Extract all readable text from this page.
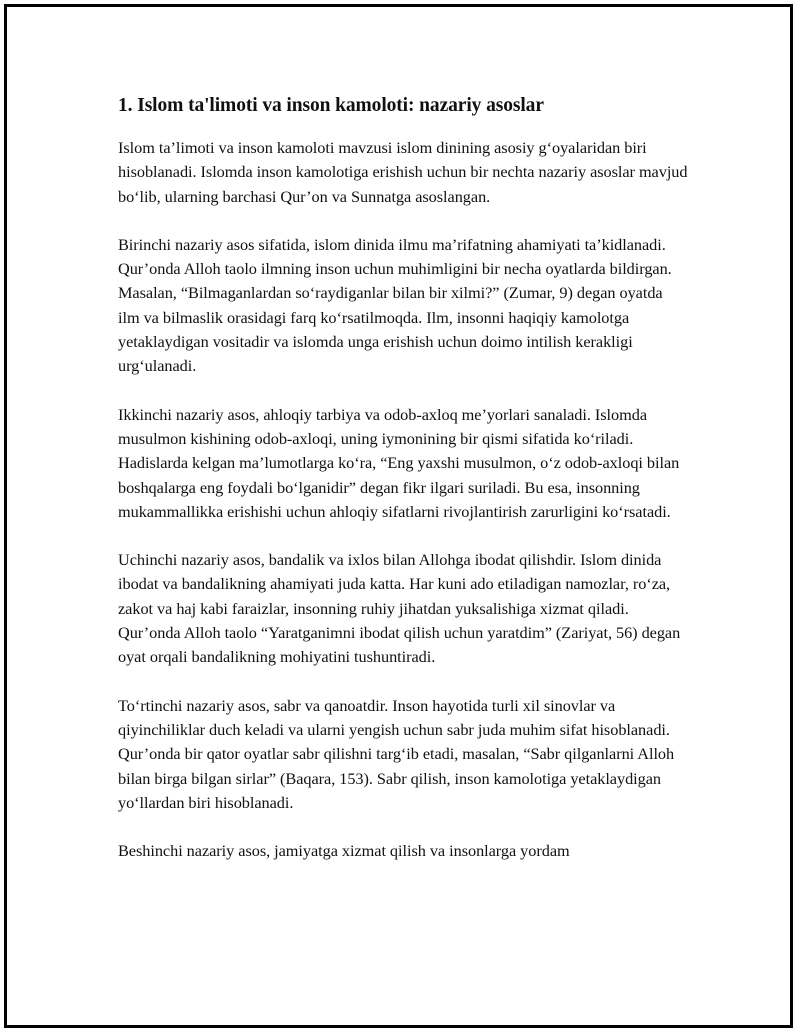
1. Islom ta'limoti va inson kamoloti: nazariy asoslar

Islom ta’limoti va inson kamoloti mavzusi islom dinining asosiy g‘oyalaridan biri hisoblanadi. Islomda inson kamolotiga erishish uchun bir nechta nazariy asoslar mavjud bo‘lib, ularning barchasi Qur’on va Sunnatga asoslangan.

Birinchi nazariy asos sifatida, islom dinida ilmu ma’rifatning ahamiyati ta’kidlanadi. Qur’onda Alloh taolo ilmning inson uchun muhimligini bir necha oyatlarda bildirgan. Masalan, “Bilmaganlardan so‘raydiganlar bilan bir xilmi?” (Zumar, 9) degan oyatda ilm va bilmaslik orasidagi farq ko‘rsatilmoqda. Ilm, insonni haqiqiy kamolotga yetaklaydigan vositadir va islomda unga erishish uchun doimo intilish kerakligi urg‘ulanadi.

Ikkinchi nazariy asos, ahloqiy tarbiya va odob-axloq me’yorlari sanaladi. Islomda musulmon kishining odob-axloqi, uning iymonining bir qismi sifatida ko‘riladi. Hadislarda kelgan ma’lumotlarga ko‘ra, “Eng yaxshi musulmon, o‘z odob-axloqi bilan boshqalarga eng foydali bo‘lganidir” degan fikr ilgari suriladi. Bu esa, insonning mukammallikka erishishi uchun ahloqiy sifatlarni rivojlantirish zarurligini ko‘rsatadi.

Uchinchi nazariy asos, bandalik va ixlos bilan Allohga ibodat qilishdir. Islom dinida ibodat va bandalikning ahamiyati juda katta. Har kuni ado etiladigan namozlar, ro‘za, zakot va haj kabi faraizlar, insonning ruhiy jihatdan yuksalishiga xizmat qiladi. Qur’onda Alloh taolo “Yaratganimni ibodat qilish uchun yaratdim” (Zariyat, 56) degan oyat orqali bandalikning mohiyatini tushuntiradi.

To‘rtinchi nazariy asos, sabr va qanoatdir. Inson hayotida turli xil sinovlar va qiyinchiliklar duch keladi va ularni yengish uchun sabr juda muhim sifat hisoblanadi. Qur’onda bir qator oyatlar sabr qilishni targ‘ib etadi, masalan, “Sabr qilganlarni Alloh bilan birga bilgan sirlar” (Baqara, 153). Sabr qilish, inson kamolotiga yetaklaydigan yo‘llardan biri hisoblanadi.

Beshinchi nazariy asos, jamiyatga xizmat qilish va insonlarga yordam
